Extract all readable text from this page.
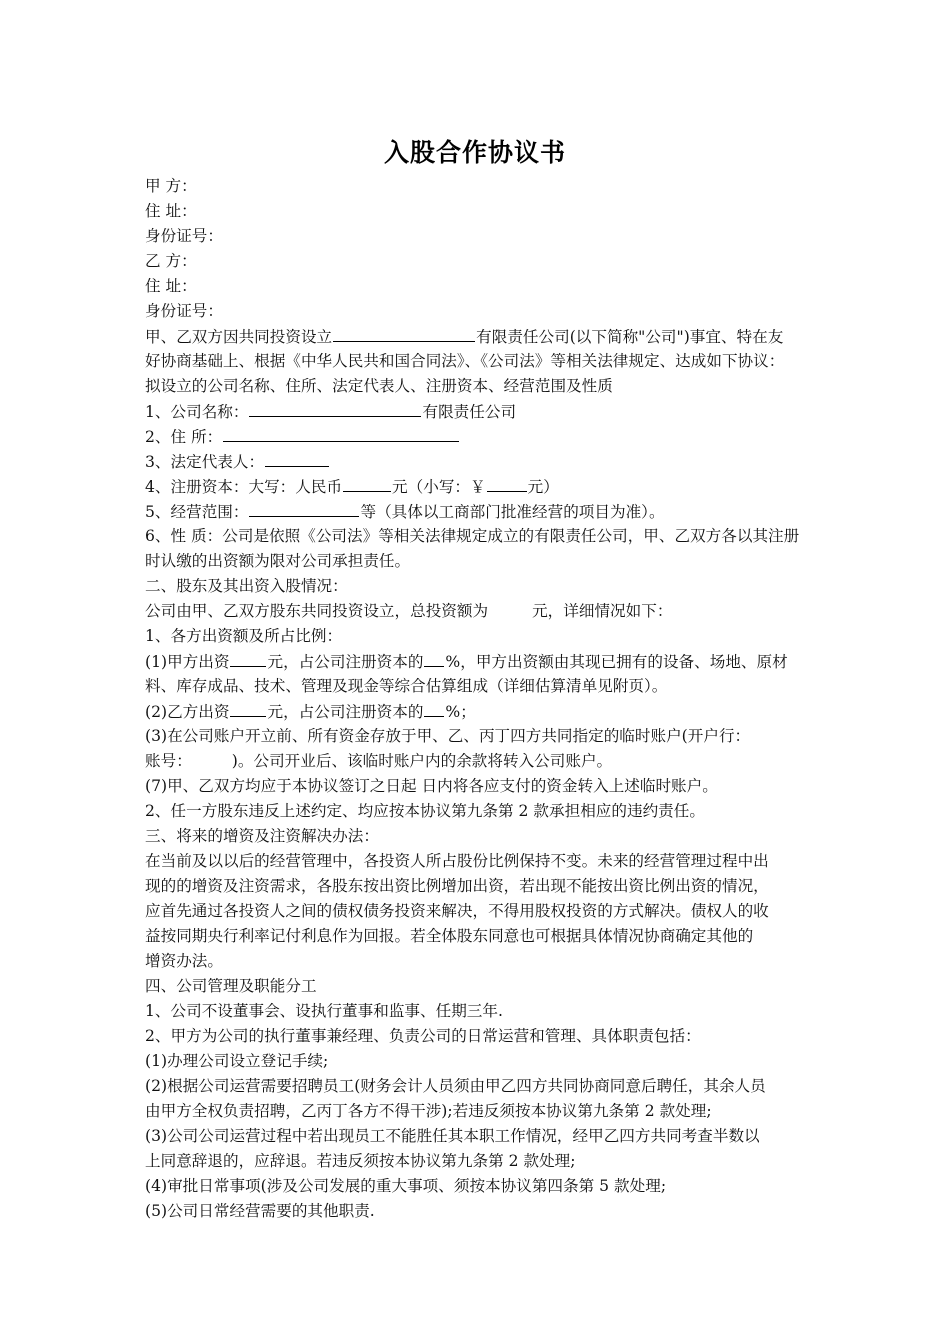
入股合作协议书
甲 方：
住 址：
身份证号：
乙 方：
住 址：
身份证号：
甲、乙双方因共同投资设立	有限责任公司(以下简称"公司")事宜、特在友
好协商基础上、根据《中华人民共和国合同法》、《公司法》等相关法律规定、达成如下协议：
拟设立的公司名称、住所、法定代表人、注册资本、经营范围及性质
1、公司名称：	有限责任公司
2、住 所：
3、法定代表人：
4、注册资本：大写：人民币	元（小写：￥	元）
5、经营范围：	等（具体以工商部门批准经营的项目为准）。
6、性 质：公司是依照《公司法》等相关法律规定成立的有限责任公司，甲、乙双方各以其注册
时认缴的出资额为限对公司承担责任。
二、股东及其出资入股情况：
公司由甲、乙双方股东共同投资设立，总投资额为	元，详细情况如下：
1、各方出资额及所占比例：
(1)甲方出资 元，占公司注册资本的 %，甲方出资额由其现已拥有的设备、场地、原材
料、库存成品、技术、管理及现金等综合估算组成（详细估算清单见附页）。
(2)乙方出资 元，占公司注册资本的 %；
(3)在公司账户开立前、所有资金存放于甲、乙、丙丁四方共同指定的临时账户(开户行：
账号：	)。公司开业后、该临时账户内的余款将转入公司账户。
(7)甲、乙双方均应于本协议签订之日起 日内将各应支付的资金转入上述临时账户。
2、任一方股东违反上述约定、均应按本协议第九条第 2 款承担相应的违约责任。
三、将来的增资及注资解决办法：
在当前及以以后的经营管理中，各投资人所占股份比例保持不变。未来的经营管理过程中出
现的的增资及注资需求，各股东按出资比例增加出资，若出现不能按出资比例出资的情况，
应首先通过各投资人之间的债权债务投资来解决，不得用股权投资的方式解决。债权人的收
益按同期央行利率记付利息作为回报。若全体股东同意也可根据具体情况协商确定其他的
增资办法。
四、公司管理及职能分工
1、公司不设董事会、设执行董事和监事、任期三年.
2、甲方为公司的执行董事兼经理、负责公司的日常运营和管理、具体职责包括：
(1)办理公司设立登记手续;
(2)根据公司运营需要招聘员工(财务会计人员须由甲乙四方共同协商同意后聘任，其余人员
由甲方全权负责招聘，乙丙丁各方不得干涉);若违反须按本协议第九条第 2 款处理;
(3)公司公司运营过程中若出现员工不能胜任其本职工作情况，经甲乙四方共同考查半数以
上同意辞退的，应辞退。若违反须按本协议第九条第 2 款处理;
(4)审批日常事项(涉及公司发展的重大事项、须按本协议第四条第 5 款处理;
(5)公司日常经营需要的其他职责.
